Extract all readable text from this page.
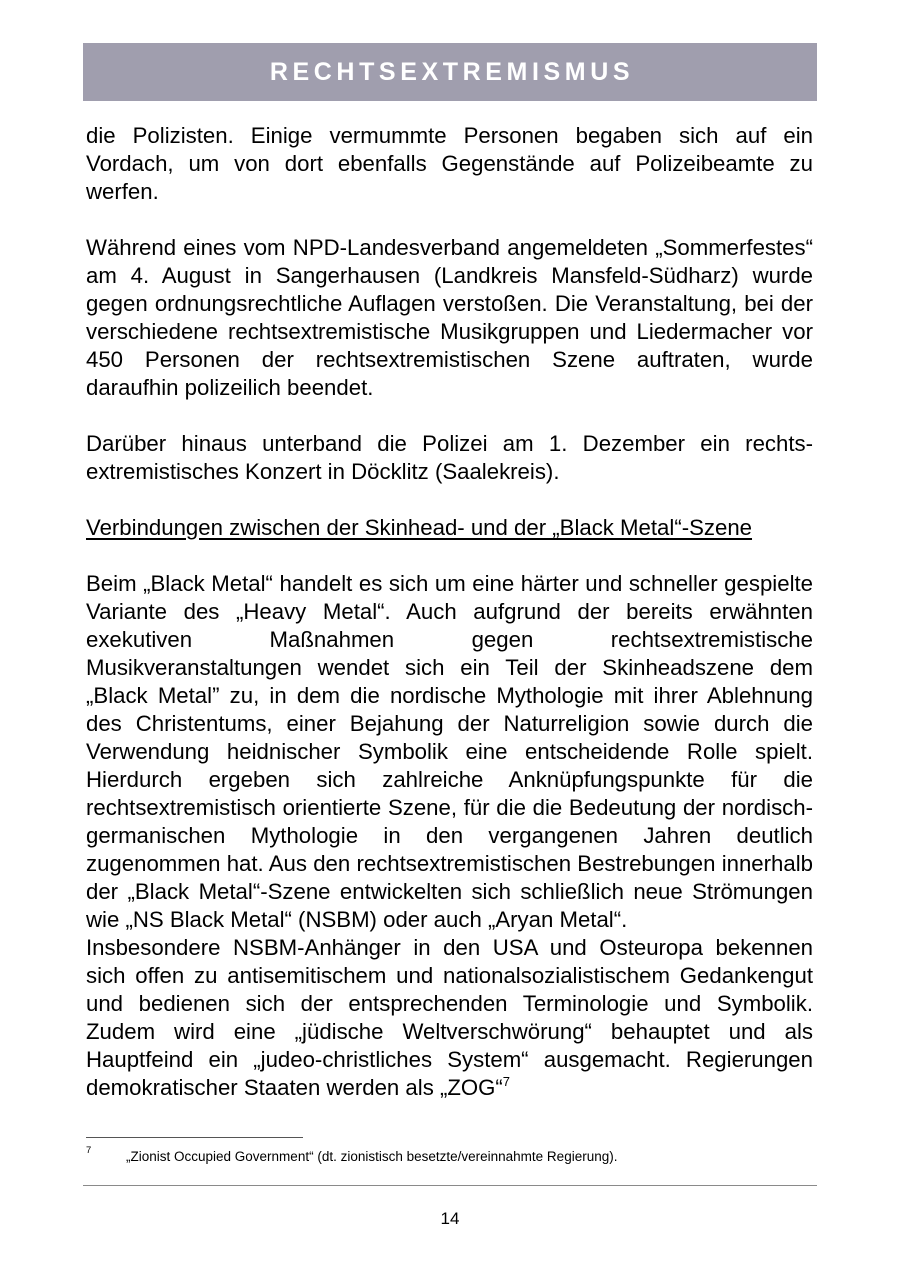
RECHTSEXTREMISMUS

die Polizisten. Einige vermummte Personen begaben sich auf ein Vordach, um von dort ebenfalls Gegenstände auf Polizeibeamte zu werfen.

Während eines vom NPD-Landesverband angemeldeten „Sommerfestes“ am 4. August in Sangerhausen (Landkreis Mansfeld-Südharz) wurde gegen ordnungsrechtliche Auflagen verstoßen. Die Veranstaltung, bei der verschiedene rechtsextremistische Musikgruppen und Liedermacher vor 450 Personen der rechtsextremistischen Szene auftraten, wurde daraufhin polizeilich beendet.

Darüber hinaus unterband die Polizei am 1. Dezember ein rechtsextremistisches Konzert in Döcklitz (Saalekreis).

Verbindungen zwischen der Skinhead- und der „Black Metal“-Szene

Beim „Black Metal“ handelt es sich um eine härter und schneller gespielte Variante des „Heavy Metal“. Auch aufgrund der bereits erwähnten exekutiven Maßnahmen gegen rechtsextremistische Musikveranstaltungen wendet sich ein Teil der Skinheadszene dem „Black Metal” zu, in dem die nordische Mythologie mit ihrer Ablehnung des Christentums, einer Bejahung der Naturreligion sowie durch die Verwendung heidnischer Symbolik eine entscheidende Rolle spielt. Hierdurch ergeben sich zahlreiche Anknüpfungspunkte für die rechtsextremistisch orientierte Szene, für die die Bedeutung der nordisch-germanischen Mythologie in den vergangenen Jahren deutlich zugenommen hat. Aus den rechtsextremistischen Bestrebungen innerhalb der „Black Metal“-Szene entwickelten sich schließlich neue Strömungen wie „NS Black Metal“ (NSBM) oder auch „Aryan Metal“.

Insbesondere NSBM-Anhänger in den USA und Osteuropa bekennen sich offen zu antisemitischem und nationalsozialistischem Gedankengut und bedienen sich der entsprechenden Terminologie und Symbolik. Zudem wird eine „jüdische Weltverschwörung“ behauptet und als Hauptfeind ein „judeo-christliches System“ ausgemacht. Regierungen demokratischer Staaten werden als „ZOG“$^7$

7	„Zionist Occupied Government“ (dt. zionistisch besetzte/vereinnahmte Regierung).
14
